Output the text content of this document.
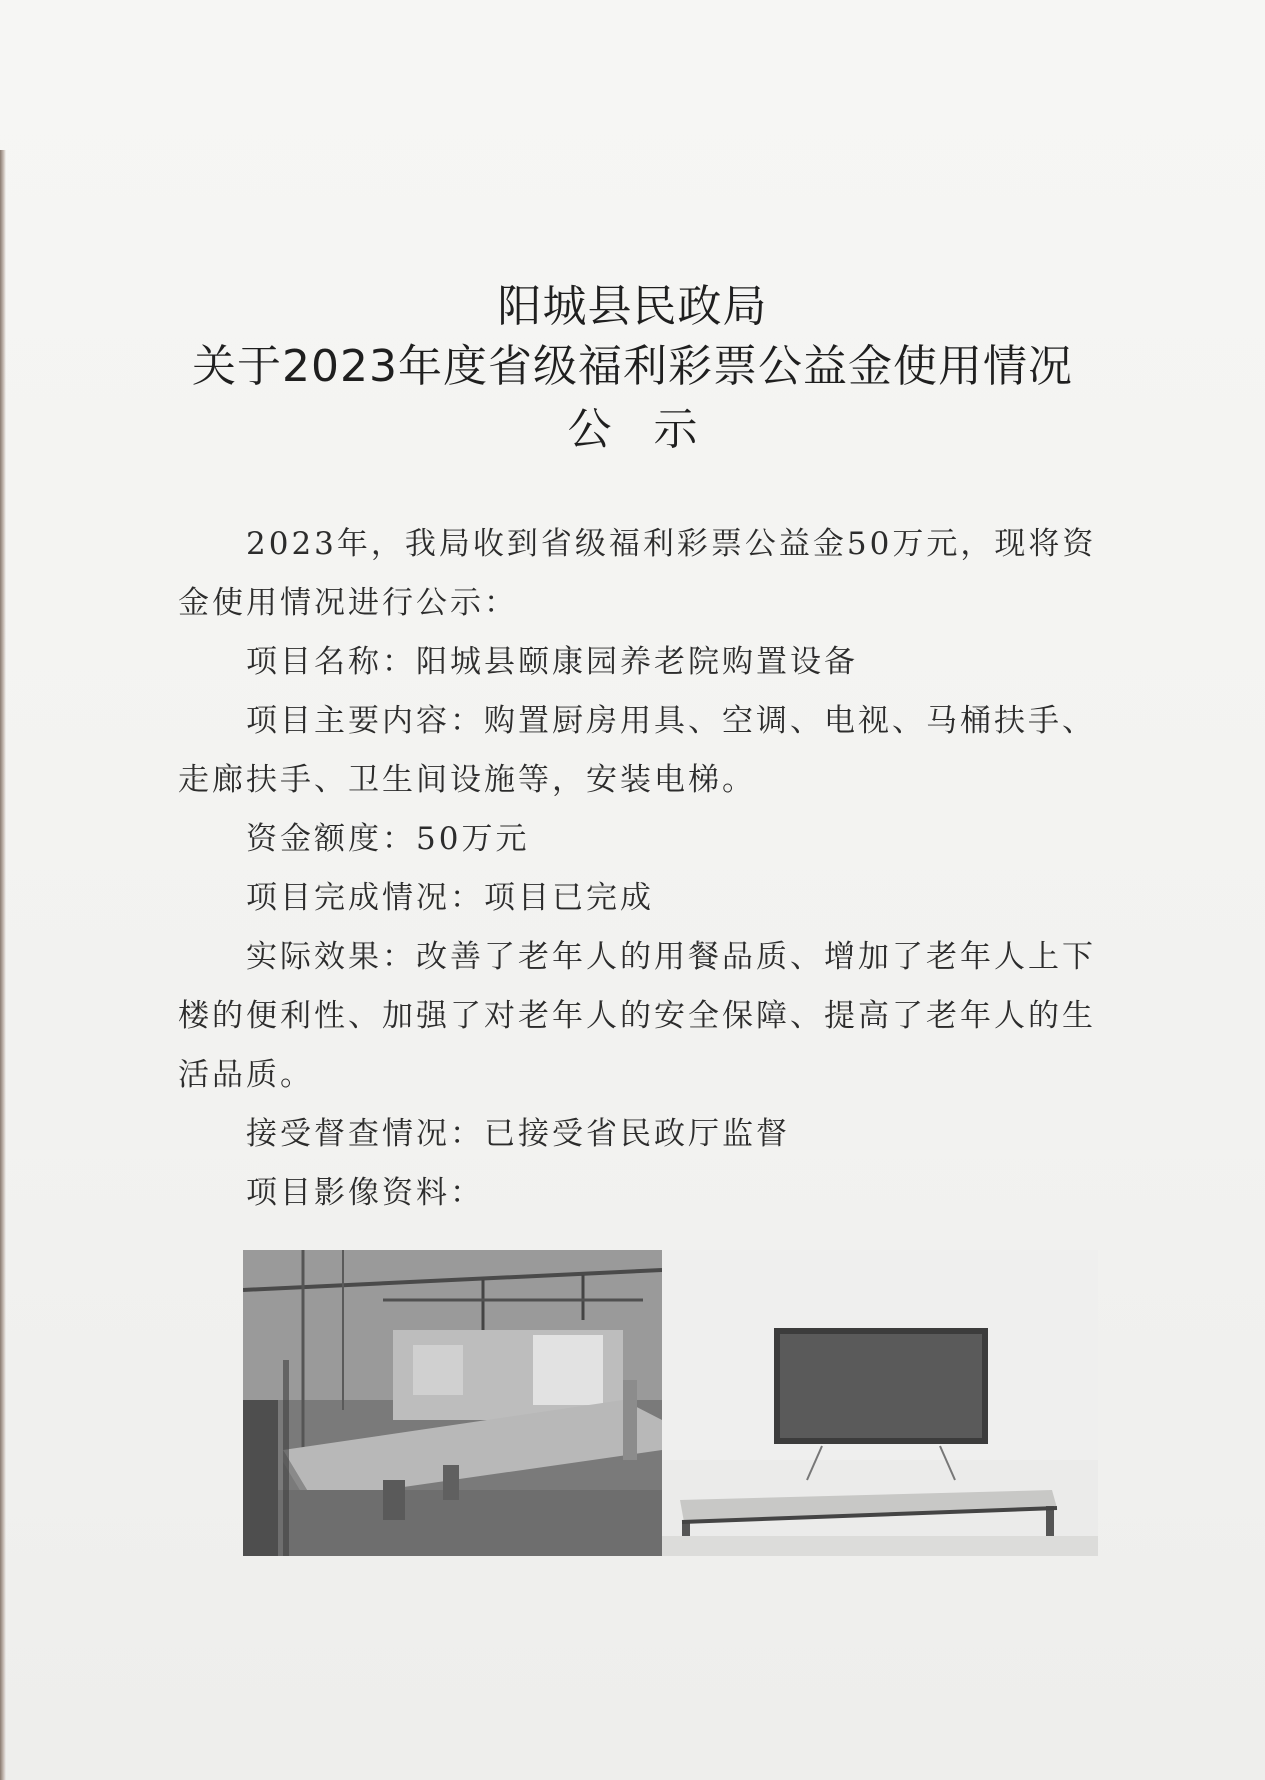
阳城县民政局
关于2023年度省级福利彩票公益金使用情况
公 示
2023年，我局收到省级福利彩票公益金50万元，现将资金使用情况进行公示：
项目名称：阳城县颐康园养老院购置设备
项目主要内容：购置厨房用具、空调、电视、马桶扶手、走廊扶手、卫生间设施等，安装电梯。
资金额度：50万元
项目完成情况：项目已完成
实际效果：改善了老年人的用餐品质、增加了老年人上下楼的便利性、加强了对老年人的安全保障、提高了老年人的生活品质。
接受督查情况：已接受省民政厅监督
项目影像资料：
